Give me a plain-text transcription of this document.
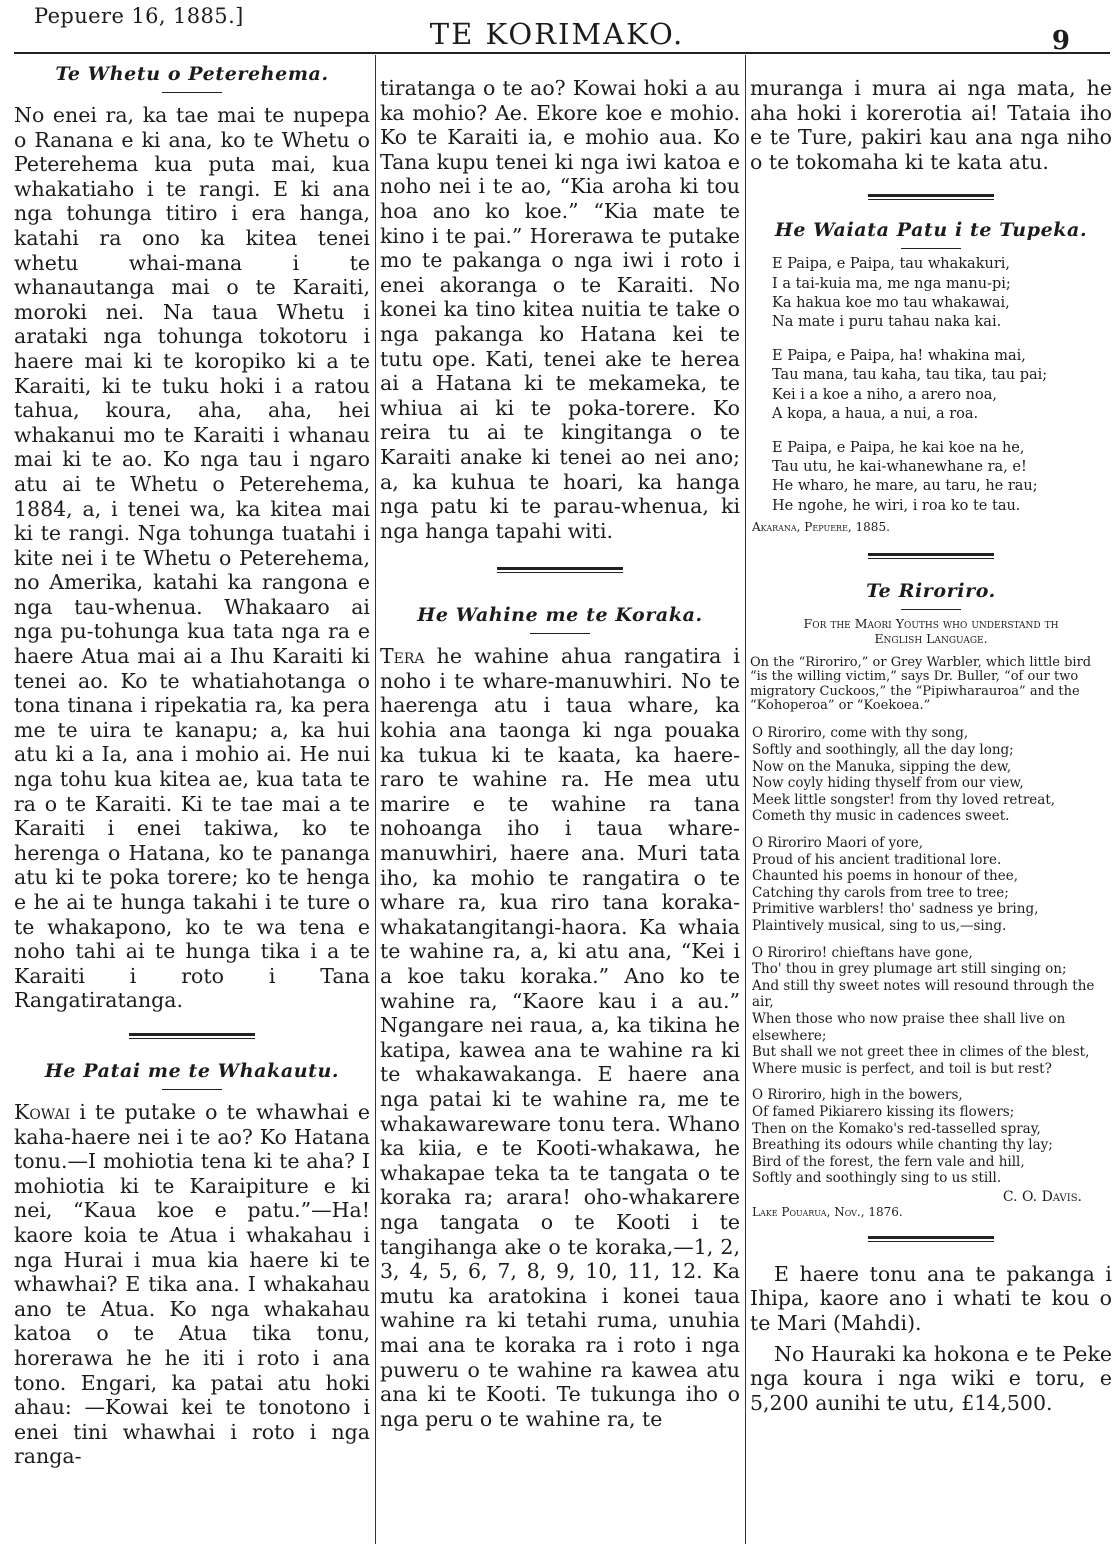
Pepuere 16, 1885.]
TE KORIMAKO.	9
Te Whetu o Peterehema.

No enei ra, ka tae mai te nupepa o Ranana e ki ana, ko te Whetu o Peterehema kua puta mai, kua whakatiaho i te rangi. E ki ana nga tohunga titiro i era hanga, katahi ra ono ka kitea tenei whetu whai-mana i te whanautanga mai o te Karaiti, moroki nei. Na taua Whetu i arataki nga tohunga tokotoru i haere mai ki te koropiko ki a te Karaiti, ki te tuku hoki i a ratou tahua, koura, aha, aha, hei whakanui mo te Karaiti i whanau mai ki te ao. Ko nga tau i ngaro atu ai te Whetu o Peterehema, 1884, a, i tenei wa, ka kitea mai ki te rangi. Nga tohunga tuatahi i kite nei i te Whetu o Peterehema, no Amerika, katahi ka rangona e nga tau-whenua. Whakaaro ai nga pu-tohunga kua tata nga ra e haere Atua mai ai a Ihu Karaiti ki tenei ao. Ko te whatiahotanga o tona tinana i ripekatia ra, ka pera me te uira te kanapu; a, ka hui atu ki a Ia, ana i mohio ai. He nui nga tohu kua kitea ae, kua tata te ra o te Karaiti. Ki te tae mai a te Karaiti i enei takiwa, ko te herenga o Hatana, ko te pananga atu ki te poka torere; ko te henga e he ai te hunga takahi i te ture o te whakapono, ko te wa tena e noho tahi ai te hunga tika i a te Karaiti i roto i Tana Rangatiratanga.

He Patai me te Whakautu.

Kowai i te putake o te whawhai e kaha-haere nei i te ao? Ko Hatana tonu.—I mohiotia tena ki te aha? I mohiotia ki te Karaipiture e ki nei, “Kaua koe e patu.”—Ha! kaore koia te Atua i whakahau i nga Hurai i mua kia haere ki te whawhai? E tika ana. I whakahau ano te Atua. Ko nga whakahau katoa o te Atua tika tonu, horerawa he he iti i roto i ana tono. Engari, ka patai atu hoki ahau: —Kowai kei te tonotono i enei tini whawhai i roto i nga ranga-

tiratanga o te ao? Kowai hoki a au ka mohio? Ae. Ekore koe e mohio. Ko te Karaiti ia, e mohio aua. Ko Tana kupu tenei ki nga iwi katoa e noho nei i te ao, “Kia aroha ki tou hoa ano ko koe.” “Kia mate te kino i te pai.” Horerawa te putake mo te pakanga o nga iwi i roto i enei akoranga o te Karaiti. No konei ka tino kitea nuitia te take o nga pakanga ko Hatana kei te tutu ope. Kati, tenei ake te herea ai a Hatana ki te mekameka, te whiua ai ki te poka-torere. Ko reira tu ai te kingitanga o te Karaiti anake ki tenei ao nei ano; a, ka kuhua te hoari, ka hanga nga patu ki te parau-whenua, ki nga hanga tapahi witi.

He Wahine me te Koraka.

Tera he wahine ahua rangatira i noho i te whare-manuwhiri. No te haerenga atu i taua whare, ka kohia ana taonga ki nga pouaka ka tukua ki te kaata, ka haere-raro te wahine ra. He mea utu marire e te wahine ra tana nohoanga iho i taua whare-manuwhiri, haere ana. Muri tata iho, ka mohio te rangatira o te whare ra, kua riro tana koraka-whakatangitangi-haora. Ka whaia te wahine ra, a, ki atu ana, “Kei i a koe taku koraka.” Ano ko te wahine ra, “Kaore kau i a au.” Ngangare nei raua, a, ka tikina he katipa, kawea ana te wahine ra ki te whakawakanga. E haere ana nga patai ki te wahine ra, me te whakawareware tonu tera. Whano ka kiia, e te Kooti-whakawa, he whakapae teka ta te tangata o te koraka ra; arara! oho-whakarere nga tangata o te Kooti i te tangihanga ake o te koraka,—1, 2, 3, 4, 5, 6, 7, 8, 9, 10, 11, 12. Ka mutu ka aratokina i konei taua wahine ra ki tetahi ruma, unuhia mai ana te koraka ra i roto i nga puweru o te wahine ra kawea atu ana ki te Kooti. Te tukunga iho o nga peru o te wahine ra, te

muranga i mura ai nga mata, he aha hoki i korerotia ai! Tataia iho e te Ture, pakiri kau ana nga niho o te tokomaha ki te kata atu.

He Waiata Patu i te Tupeka.

E Paipa, e Paipa, tau whakakuri,
I a tai-kuia ma, me nga manu-pi;
Ka hakua koe mo tau whakawai,
Na mate i puru tahau naka kai.

E Paipa, e Paipa, ha! whakina mai,
Tau mana, tau kaha, tau tika, tau pai;
Kei i a koe a niho, a arero noa,
A kopa, a haua, a nui, a roa.

E Paipa, e Paipa, he kai koe na he,
Tau utu, he kai-whanewhane ra, e!
He wharo, he mare, au taru, he rau;
He ngohe, he wiri, i roa ko te tau.

Akarana, Pepuere, 1885.
Te Riroriro.
For the Maori Youths who understand th
English Language.

On the “Riroriro,” or Grey Warbler, which little bird “is the willing victim,” says Dr. Buller, “of our two migratory Cuckoos,” the “Pipiwharauroa” and the “Kohoperoa” or “Koekoea.”

O Riroriro, come with thy song,
Softly and soothingly, all the day long;
Now on the Manuka, sipping the dew,
Now coyly hiding thyself from our view,
Meek little songster! from thy loved retreat,
Cometh thy music in cadences sweet.

O Riroriro Maori of yore,
Proud of his ancient traditional lore.
Chaunted his poems in honour of thee,
Catching thy carols from tree to tree;
Primitive warblers! tho' sadness ye bring,
Plaintively musical, sing to us,—sing.

O Riroriro! chieftans have gone,
Tho' thou in grey plumage art still singing on;
And still thy sweet notes will resound through the air,
When those who now praise thee shall live on elsewhere;
But shall we not greet thee in climes of the blest,
Where music is perfect, and toil is but rest?

O Riroriro, high in the bowers,
Of famed Pikiarero kissing its flowers;
Then on the Komako's red-tasselled spray,
Breathing its odours while chanting thy lay;
Bird of the forest, the fern vale and hill,
Softly and soothingly sing to us still.

C. O. Davis.
Lake Pouarua, Nov., 1876.

E haere tonu ana te pakanga i Ihipa, kaore ano i whati te kou o te Mari (Mahdi).

No Hauraki ka hokona e te Peke nga koura i nga wiki e toru, e 5,200 aunihi te utu, £14,500.
